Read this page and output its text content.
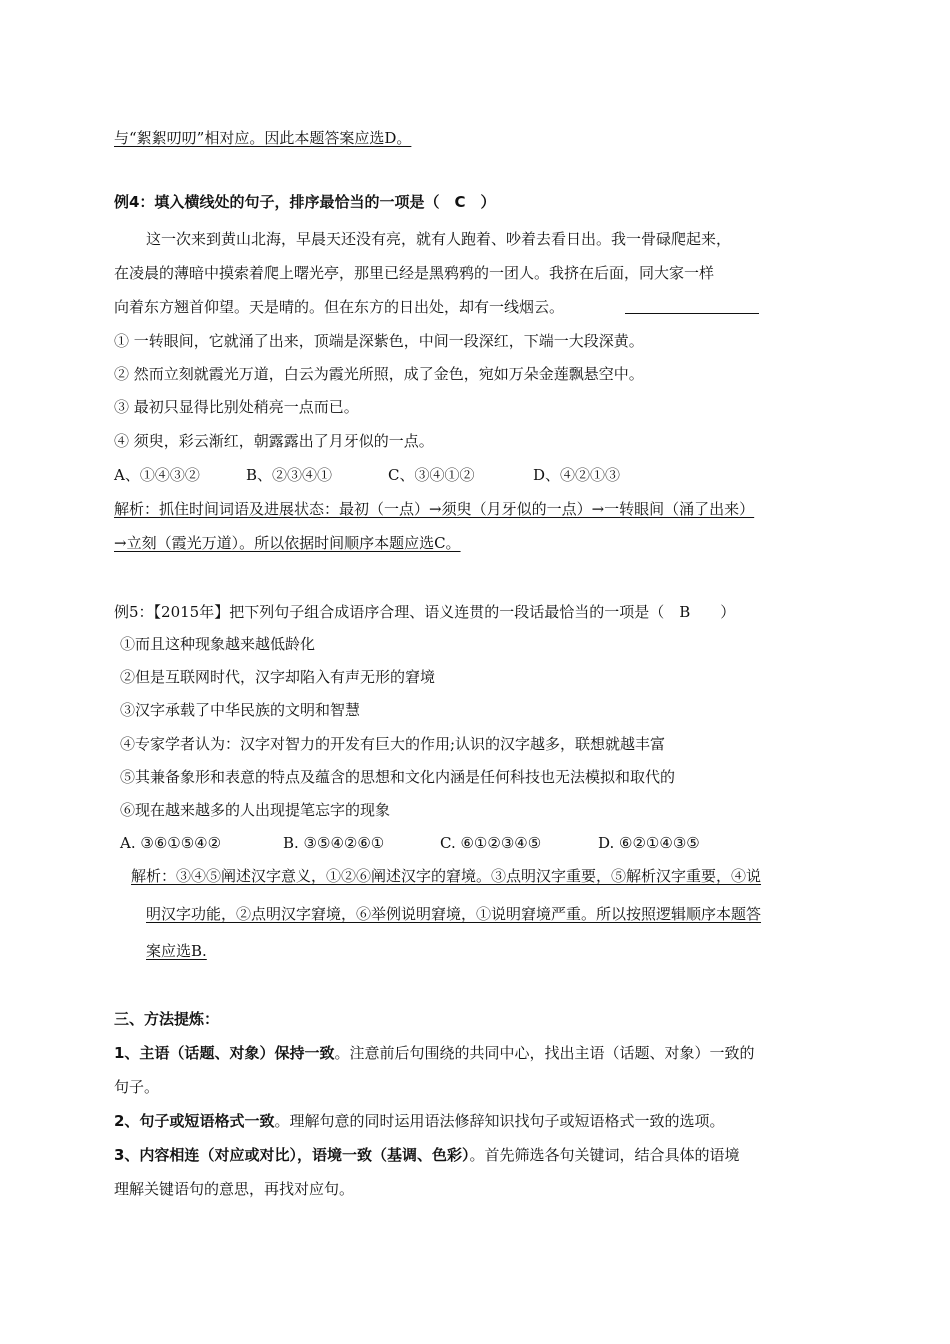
与“絮絮叨叨”相对应。因此本题答案应选D。
例4：填入横线处的句子，排序最恰当的一项是（　C　）
这一次来到黄山北海，早晨天还没有亮，就有人跑着、吵着去看日出。我一骨碌爬起来，
在凌晨的薄暗中摸索着爬上曙光亭，那里已经是黑鸦鸦的一团人。我挤在后面，同大家一样
向着东方翘首仰望。天是晴的。但在东方的日出处，却有一线烟云。
① 一转眼间，它就涌了出来，顶端是深紫色，中间一段深红，下端一大段深黄。
② 然而立刻就霞光万道，白云为霞光所照，成了金色，宛如万朵金莲飘悬空中。
③ 最初只显得比别处稍亮一点而已。
④ 须臾，彩云渐红，朝露露出了月牙似的一点。
A、①④③②	B、②③④①	C、③④①②	D、④②①③
解析：抓住时间词语及进展状态：最初（一点）→须臾（月牙似的一点）→一转眼间（涌了出来）
→立刻（霞光万道）。所以依据时间顺序本题应选C。
例5：【2015年】把下列句子组合成语序合理、语义连贯的一段话最恰当的一项是（　B　　）
①而且这种现象越来越低龄化
②但是互联网时代，汉字却陷入有声无形的窘境
③汉字承载了中华民族的文明和智慧
④专家学者认为：汉字对智力的开发有巨大的作用;认识的汉字越多，联想就越丰富
⑤其兼备象形和表意的特点及蕴含的思想和文化内涵是任何科技也无法模拟和取代的
⑥现在越来越多的人出现提笔忘字的现象
A. ③⑥①⑤④②	B. ③⑤④②⑥①	C. ⑥①②③④⑤	D. ⑥②①④③⑤
解析：③④⑤阐述汉字意义，①②⑥阐述汉字的窘境。③点明汉字重要，⑤解析汉字重要，④说
明汉字功能，②点明汉字窘境，⑥举例说明窘境，①说明窘境严重。所以按照逻辑顺序本题答
案应选B.
三、方法提炼：
1、主语（话题、对象）保持一致。注意前后句围绕的共同中心，找出主语（话题、对象）一致的
句子。
2、句子或短语格式一致。理解句意的同时运用语法修辞知识找句子或短语格式一致的选项。
3、内容相连（对应或对比），语境一致（基调、色彩）。首先筛选各句关键词，结合具体的语境
理解关键语句的意思，再找对应句。
